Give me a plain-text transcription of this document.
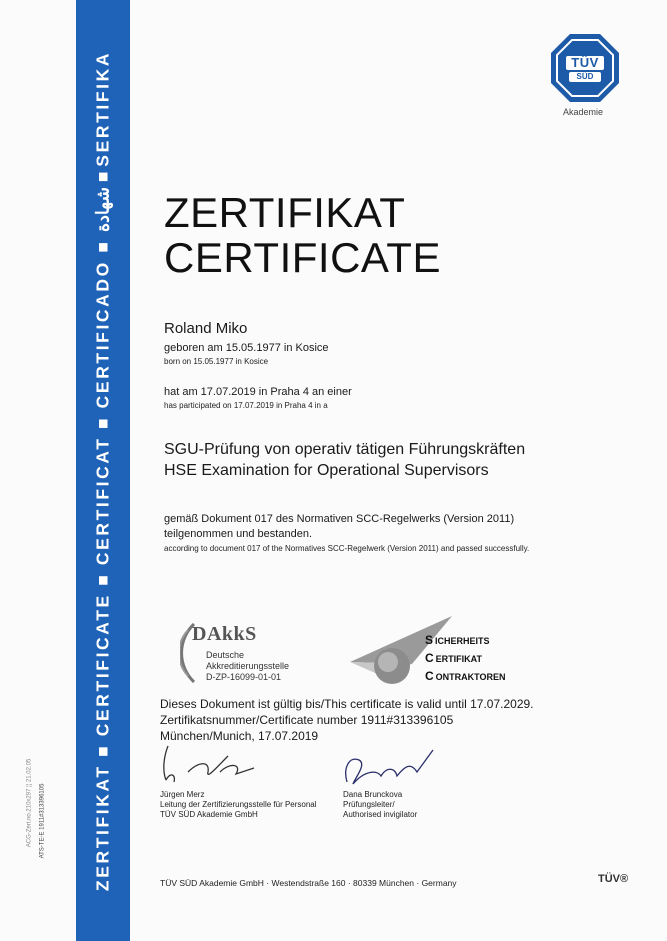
ZERTIFIKAT ■ CERTIFICATE ■ CERTIFICAT ■ CERTIFICADO ■ شهادة ■ SERTIFIKA
ACG-Zert.no.210x297 ¦¦ 21.02.05 ATS-TE-E 1911#313396105
TÜV
SÜD
Akademie
ZERTIFIKAT
CERTIFICATE
Roland Miko
geboren am 15.05.1977 in Kosice
born on 15.05.1977 in Kosice
hat am 17.07.2019 in Praha 4 an einer
has participated on 17.07.2019 in Praha 4 in a
SGU-Prüfung von operativ tätigen Führungskräften
HSE Examination for Operational Supervisors
gemäß Dokument 017 des Normativen SCC-Regelwerks (Version 2011)
teilgenommen und bestanden.
according to document 017 of the Normatives SCC-Regelwerk (Version 2011) and passed successfully.
DAkkS
Deutsche
Akkreditierungsstelle
D-ZP-16099-01-01
S ICHERHEITS
C ERTIFIKAT
C ONTRAKTOREN
Dieses Dokument ist gültig bis/This certificate is valid until 17.07.2029.
Zertifikatsnummer/Certificate number 1911#313396105
München/Munich, 17.07.2019
Jürgen Merz
Leitung der Zertifizierungsstelle für Personal
TÜV SÜD Akademie GmbH
Dana Brunckova
Prüfungsleiter/
Authorised invigilator
TÜV SÜD Akademie GmbH · Westendstraße 160 · 80339 München · Germany	TÜV®
